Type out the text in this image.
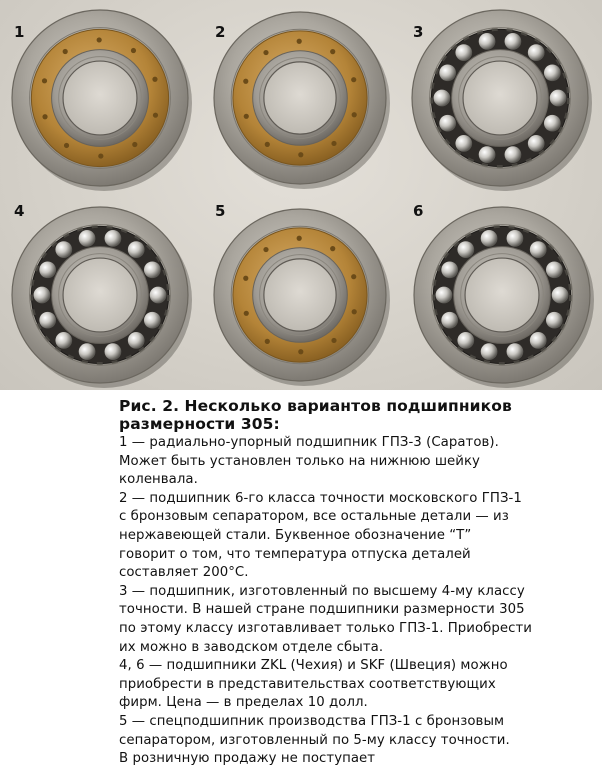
1	2	3
4	5	6
Рис. 2. Несколько вариантов подшипников
размерности 305:
1 — радиально-упорный подшипник ГПЗ-3 (Саратов).
Может быть установлен только на нижнюю шейку
коленвала.
2 — подшипник 6-го класса точности московского ГПЗ-1
с бронзовым сепаратором, все остальные детали — из
нержавеющей стали. Буквенное обозначение “Т”
говорит о том, что температура отпуска деталей
составляет 200°С.
3 — подшипник, изготовленный по высшему 4-му классу
точности. В нашей стране подшипники размерности 305
по этому классу изготавливает только ГПЗ-1. Приобрести
их можно в заводском отделе сбыта.
4, 6 — подшипники ZKL (Чехия) и SKF (Швеция) можно
приобрести в представительствах соответствующих
фирм. Цена — в пределах 10 долл.
5 — спецподшипник производства ГПЗ-1 с бронзовым
сепаратором, изготовленный по 5-му классу точности.
В розничную продажу не поступает
